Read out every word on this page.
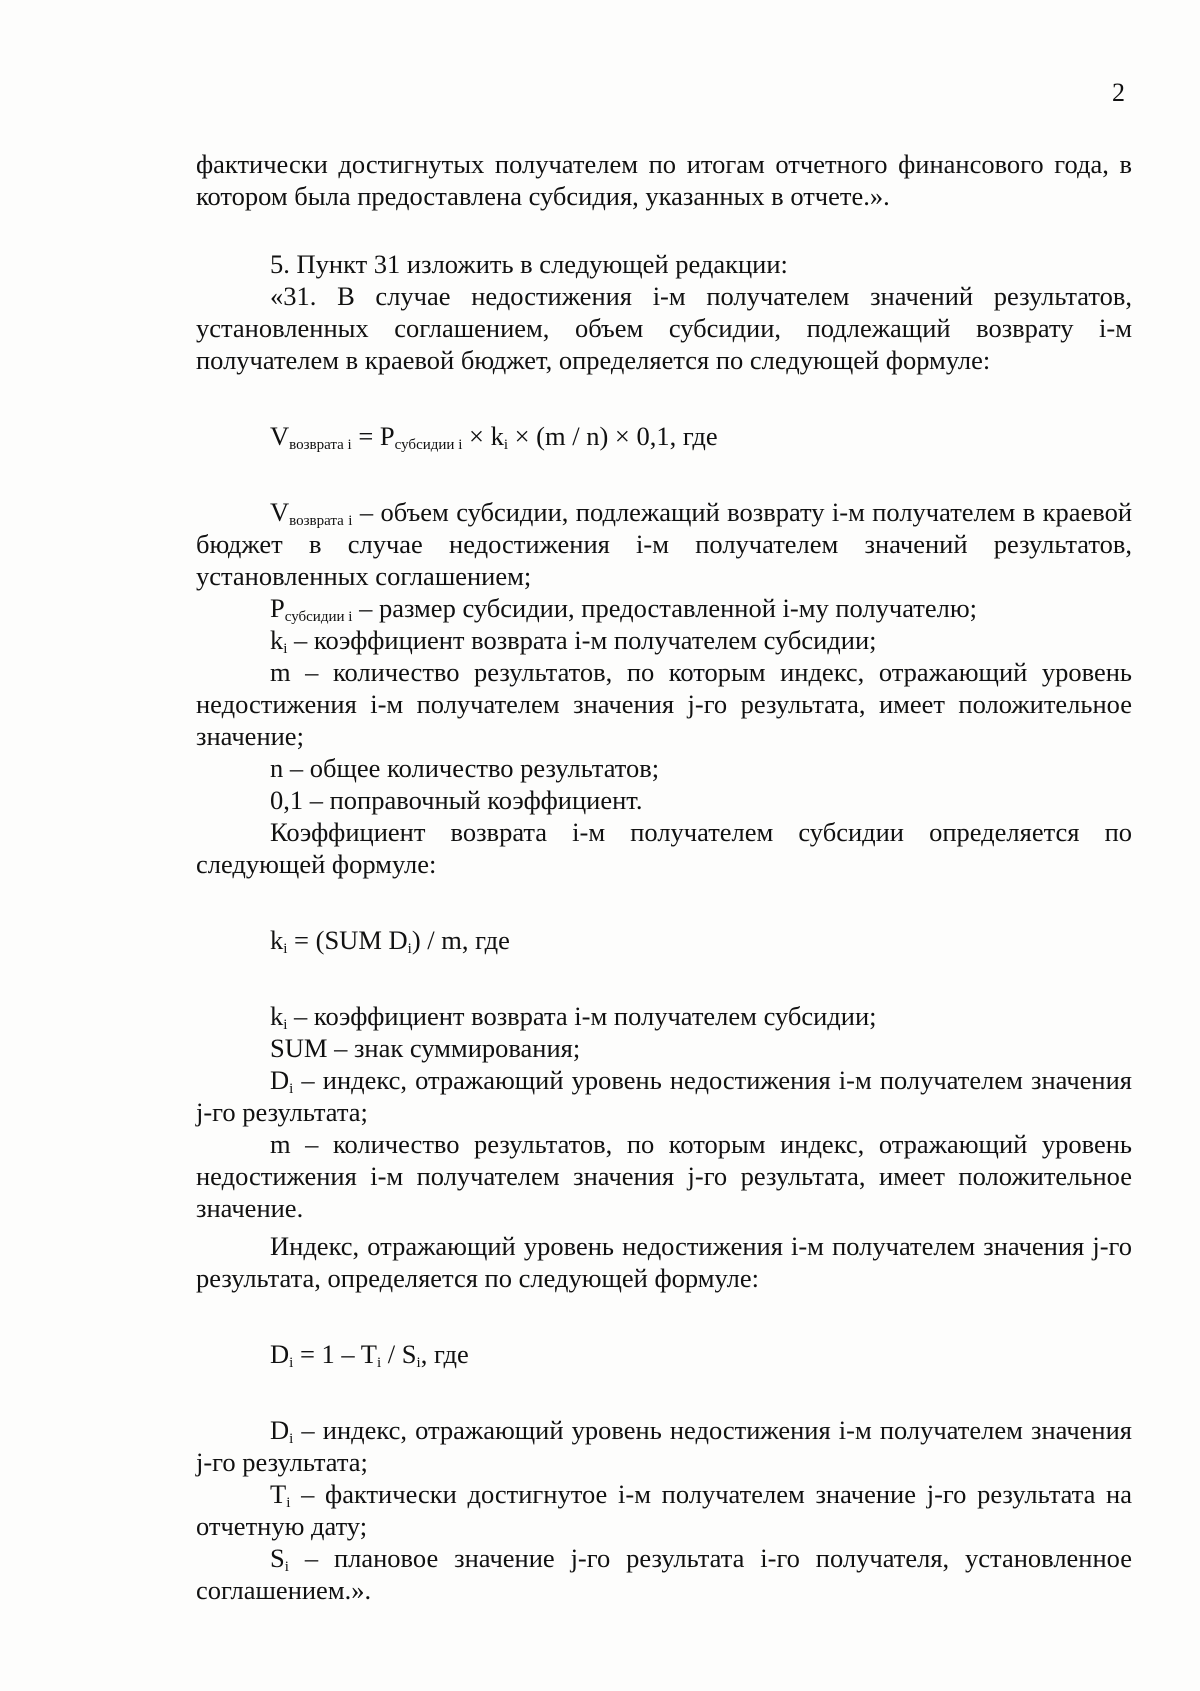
2

фактически достигнутых получателем по итогам отчетного финансового года, в котором была предоставлена субсидия, указанных в отчете.».

5. Пункт 31 изложить в следующей редакции:

«31. В случае недостижения i-м получателем значений результатов, установленных соглашением, объем субсидии, подлежащий возврату i-м получателем в краевой бюджет, определяется по следующей формуле:

$V_{возврата i} = P_{субсидии i} \times k_i \times (m / n) \times 0,1$, где

$V_{возврата i}$ – объем субсидии, подлежащий возврату i-м получателем в краевой бюджет в случае недостижения i-м получателем значений результатов, установленных соглашением;

$P_{субсидии i}$ – размер субсидии, предоставленной i-му получателю;

$k_i$ – коэффициент возврата i-м получателем субсидии;

m – количество результатов, по которым индекс, отражающий уровень недостижения i-м получателем значения j-го результата, имеет положительное значение;

n – общее количество результатов;

0,1 – поправочный коэффициент.

Коэффициент возврата i-м получателем субсидии определяется по следующей формуле:

$k_i = (SUM$ $D_i$) / m, где

$k_i$ – коэффициент возврата i-м получателем субсидии;

SUM – знак суммирования;

$D_i$ – индекс, отражающий уровень недостижения i-м получателем значения j-го результата;

m – количество результатов, по которым индекс, отражающий уровень недостижения i-м получателем значения j-го результата, имеет положительное значение.

Индекс, отражающий уровень недостижения i-м получателем значения j-го результата, определяется по следующей формуле:

$D_i = 1 - T_i / S_i$, где

$D_i$ – индекс, отражающий уровень недостижения i-м получателем значения j-го результата;

$T_i$ – фактически достигнутое i-м получателем значение j-го результата на отчетную дату;

$S_i$ – плановое значение j-го результата i-го получателя, установленное соглашением.».
